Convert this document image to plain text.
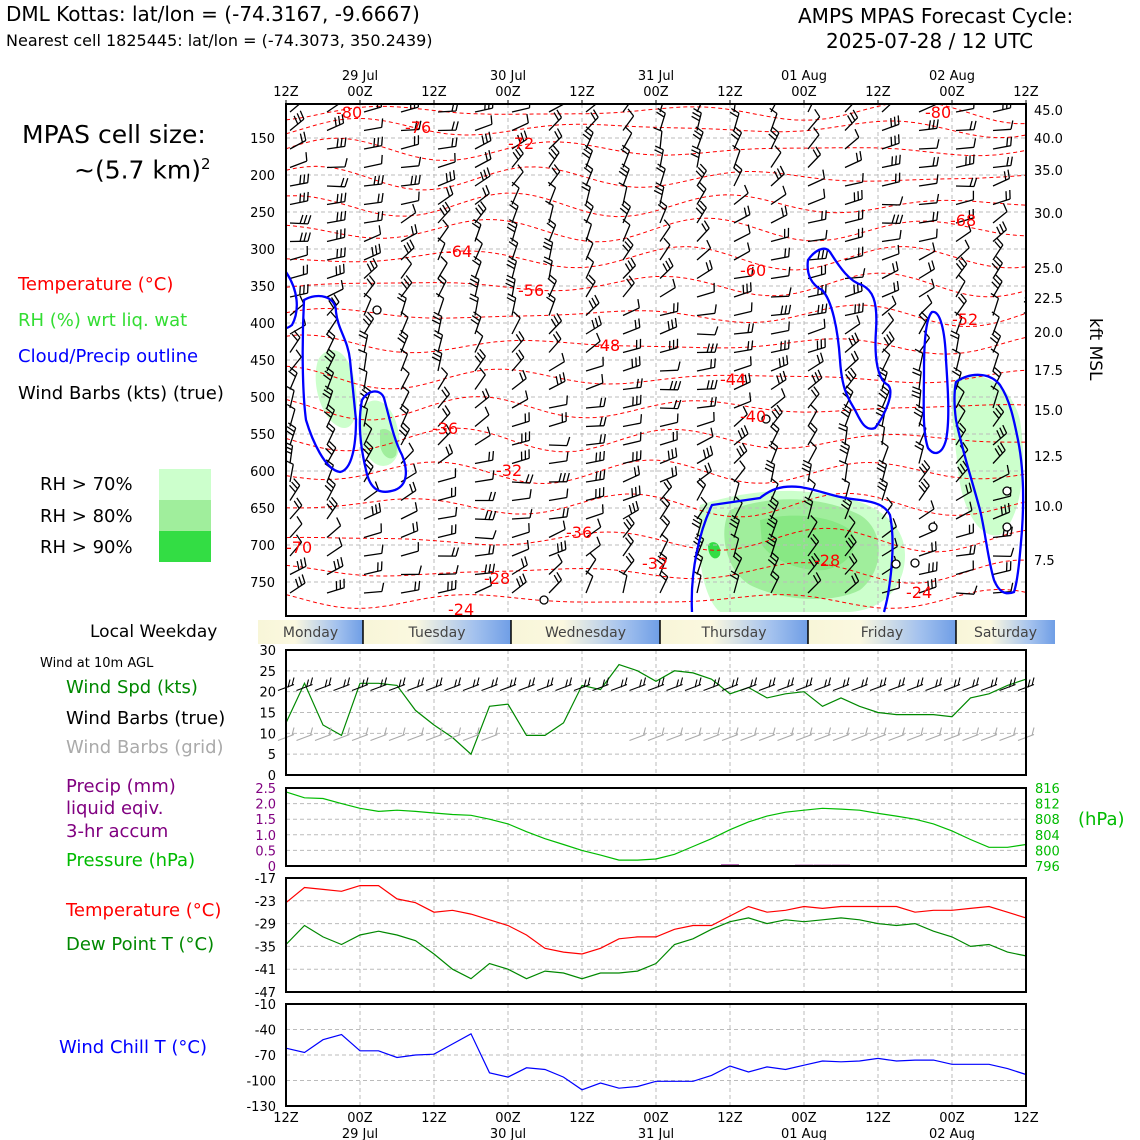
DML Kottas: lat/lon = (-74.3167, -9.6667)
Nearest cell 1825445: lat/lon = (-74.3073, 350.2439)
AMPS MPAS Forecast Cycle:
2025-07-28 / 12 UTC
MPAS cell size:
~(5.7 km)$^2$
Temperature (°C)
RH (%) wrt liq. wat
Cloud/Precip outline
Wind Barbs (kts) (true)
RH > 70%
RH > 80%
RH > 90%
Local Weekday
Wind at 10m AGL
Wind Spd (kts)
Wind Barbs (true)
Wind Barbs (grid)
Precip (mm)
liquid eqiv.
3-hr accum
Pressure (hPa)
(hPa)
Temperature (°C)
Dew Point T (°C)
Wind Chill T (°C)
-80
-76
-72
-68
-64
-60
-56
-52
-48
-44
-40
-36
-32
-36
-28
-32	-28
-24
-24
-80
-70
150
200
250
300
350
400
450
500
550
600
650
700
750
45.0
40.0
35.0
30.0
25.0
22.5
20.0
17.5
15.0
12.5
10.0
7.5
12Z	00Z	12Z	00Z	12Z	00Z	12Z	00Z	12Z	00Z	12Z
29 Jul	30 Jul	31 Jul	01 Aug	02 Aug
12Z	00Z	12Z	00Z	12Z	00Z	12Z	00Z	12Z	00Z	12Z
29 Jul	30 Jul	31 Jul	01 Aug	02 Aug
Monday	Tuesday	Wednesday	Thursday	Friday	Saturday
30
25
20
15
10
5
0
2.5
2.0
1.5
1.0
0.5
0
816
812
808
804
800
796
-17
-23
-29
-35
-41
-47
-10
-40
-70
-100
-130
kft MSL
